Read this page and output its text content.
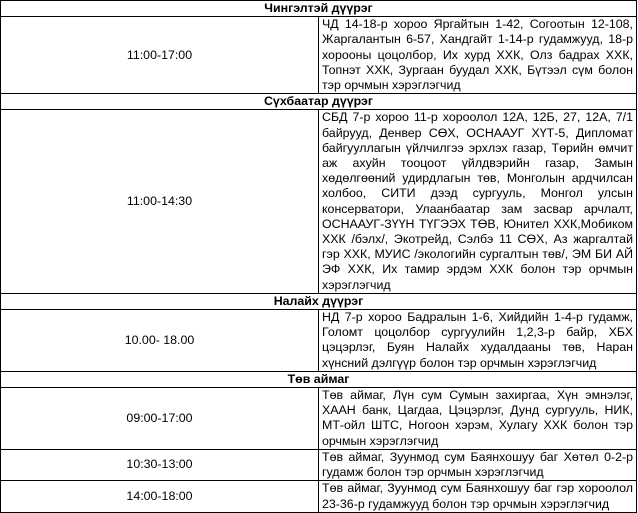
Чингэлтэй дүүрэг	
11:00-17:00	ЧД 14-18-р хороо Яргайтын 1-42, Согоотын 12-108, Жаргалантын 6-57, Хандгайт 1-14-р гудамжууд, 18-р хорооны цоцолбор, Их хурд ХХК, Олз бадрах ХХК, Топнэт ХХК, Зургаан буудал ХХК, Бүтээл сүм болон тэр орчмын хэрэглэгчид
Сүхбаатар дүүрэг	
11:00-14:30	СБД 7-р хороо 11-р хороолол 12А, 12Б, 27, 12А, 7/1 байрууд, Денвер СӨХ, ОСНААУГ ХҮТ-5, Дипломат байгууллагын үйлчилгээ эрхлэх газар, Төрийн өмчит аж ахуйн тооцоот үйлдвэрийн газар, Замын хөдөлгөөний удирдлагын төв, Монголын ардчилсан холбоо, СИТИ дээд сургууль, Монгол улсын консерватори, Улаанбаатар зам засвар арчлалт, ОСНААУГ-ЗҮҮН ТҮГЭЭХ ТӨВ, Юнител ХХК,Мобиком ХХК /бэлх/, Экотрейд, Сэлбэ 11 СӨХ, Аз жаргалтай гэр ХХК, МУИС /экологийн сургалтын төв/, ЭМ БИ АЙ ЭФ ХХК, Их тамир эрдэм ХХК болон тэр орчмын хэрэглэгчид
Налайх дүүрэг	
10.00- 18.00	НД 7-р хороо Бадралын 1-6, Хийдийн 1-4-р гудамж, Голомт цоцолбор сургуулийн 1,2,3-р байр, ХБХ цэцэрлэг, Буян Налайх худалдааны төв, Наран хүнсний дэлгүүр болон тэр орчмын хэрэглэгчид
Төв аймаг	
09:00-17:00	Төв аймаг, Лүн сум Сумын захиргаа, Хүн эмнэлэг, ХААН банк, Цагдаа, Цэцэрлэг, Дунд сургууль, НИК, МТ-ойл ШТС, Ногоон хэрэм, Хулагу ХХК болон тэр орчмын хэрэглэгчид
10:30-13:00	Төв аймаг, Зуунмод сум Баянхошуу баг Хөтөл 0-2-р гудамж болон тэр орчмын хэрэглэгчид
14:00-18:00	Төв аймаг, Зуунмод сум Баянхошуу баг гэр хороолол 23-36-р гудамжууд болон тэр орчмын хэрэглэгчид
